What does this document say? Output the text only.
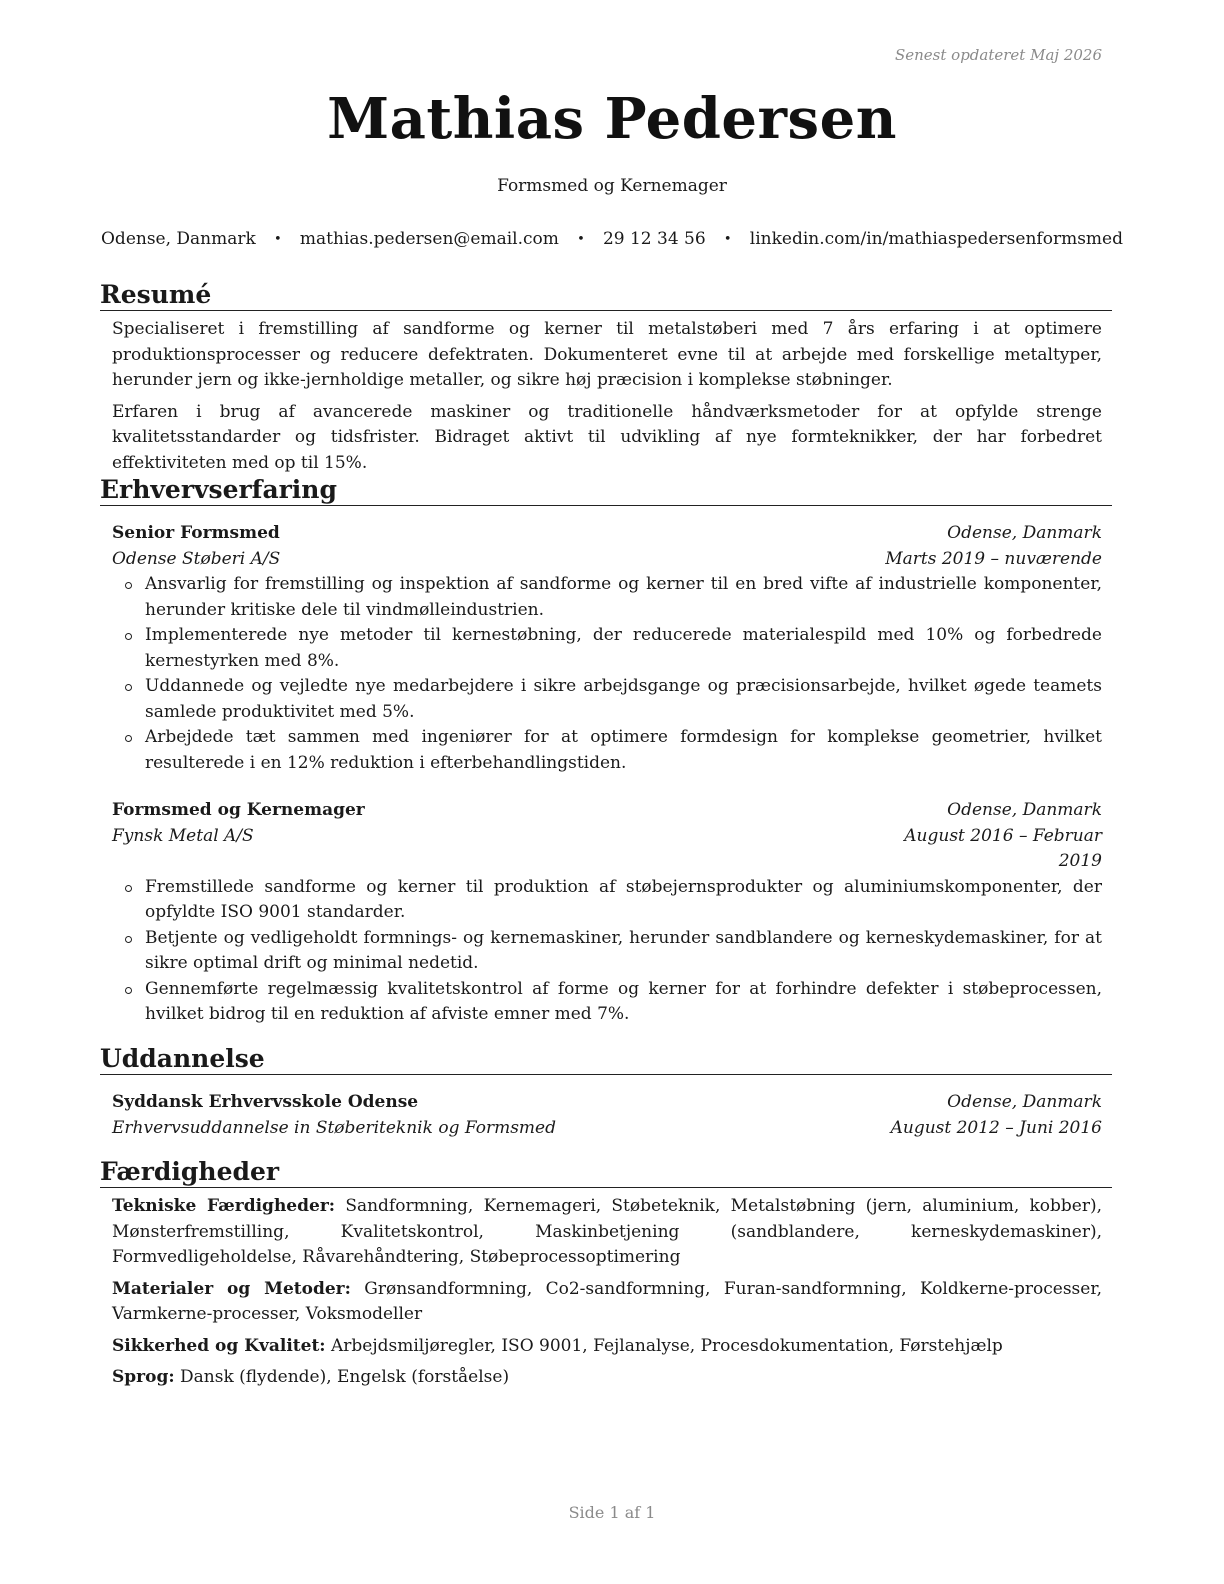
Senest opdateret Maj 2026
Mathias Pedersen
Formsmed og Kernemager
Odense, Danmark • mathias.pedersen@email.com • 29 12 34 56 • linkedin.com/in/mathiaspedersenformsmed
Resumé

Specialiseret i fremstilling af sandforme og kerner til metalstøberi med 7 års erfaring i at optimere produktionsprocesser og reducere defektraten. Dokumenteret evne til at arbejde med forskellige metaltyper, herunder jern og ikke-jernholdige metaller, og sikre høj præcision i komplekse støbninger.

Erfaren i brug af avancerede maskiner og traditionelle håndværksmetoder for at opfylde strenge kvalitetsstandarder og tidsfrister. Bidraget aktivt til udvikling af nye formteknikker, der har forbedret effektiviteten med op til 15%.

Erhvervserfaring
Senior Formsmed	Odense, Danmark
Odense Støberi A/S	Marts 2019 – nuværende
Ansvarlig for fremstilling og inspektion af sandforme og kerner til en bred vifte af industrielle komponenter, herunder kritiske dele til vindmølleindustrien.
Implementerede nye metoder til kernestøbning, der reducerede materialespild med 10% og forbedrede kernestyrken med 8%.
Uddannede og vejledte nye medarbejdere i sikre arbejdsgange og præcisionsarbejde, hvilket øgede teamets samlede produktivitet med 5%.
Arbejdede tæt sammen med ingeniører for at optimere formdesign for komplekse geometrier, hvilket resulterede i en 12% reduktion i efterbehandlingstiden.
Formsmed og Kernemager	Odense, Danmark
Fynsk Metal A/S	August 2016 – Februar 2019
Fremstillede sandforme og kerner til produktion af støbejernsprodukter og aluminiumskomponenter, der opfyldte ISO 9001 standarder.
Betjente og vedligeholdt formnings- og kernemaskiner, herunder sandblandere og kerneskydemaskiner, for at sikre optimal drift og minimal nedetid.
Gennemførte regelmæssig kvalitetskontrol af forme og kerner for at forhindre defekter i støbeprocessen, hvilket bidrog til en reduktion af afviste emner med 7%.
Uddannelse
Syddansk Erhvervsskole Odense	Odense, Danmark
Erhvervsuddannelse in Støberiteknik og Formsmed	August 2012 – Juni 2016
Færdigheder
Tekniske Færdigheder: Sandformning, Kernemageri, Støbeteknik, Metalstøbning (jern, aluminium, kobber), Mønsterfremstilling, Kvalitetskontrol, Maskinbetjening (sandblandere, kerneskydemaskiner), Formvedligeholdelse, Råvarehåndtering, Støbeprocessoptimering
Materialer og Metoder: Grønsandformning, Co2-sandformning, Furan-sandformning, Koldkerne-processer, Varmkerne-processer, Voksmodeller
Sikkerhed og Kvalitet: Arbejdsmiljøregler, ISO 9001, Fejlanalyse, Procesdokumentation, Førstehjælp
Sprog: Dansk (flydende), Engelsk (forståelse)
Side 1 af 1
